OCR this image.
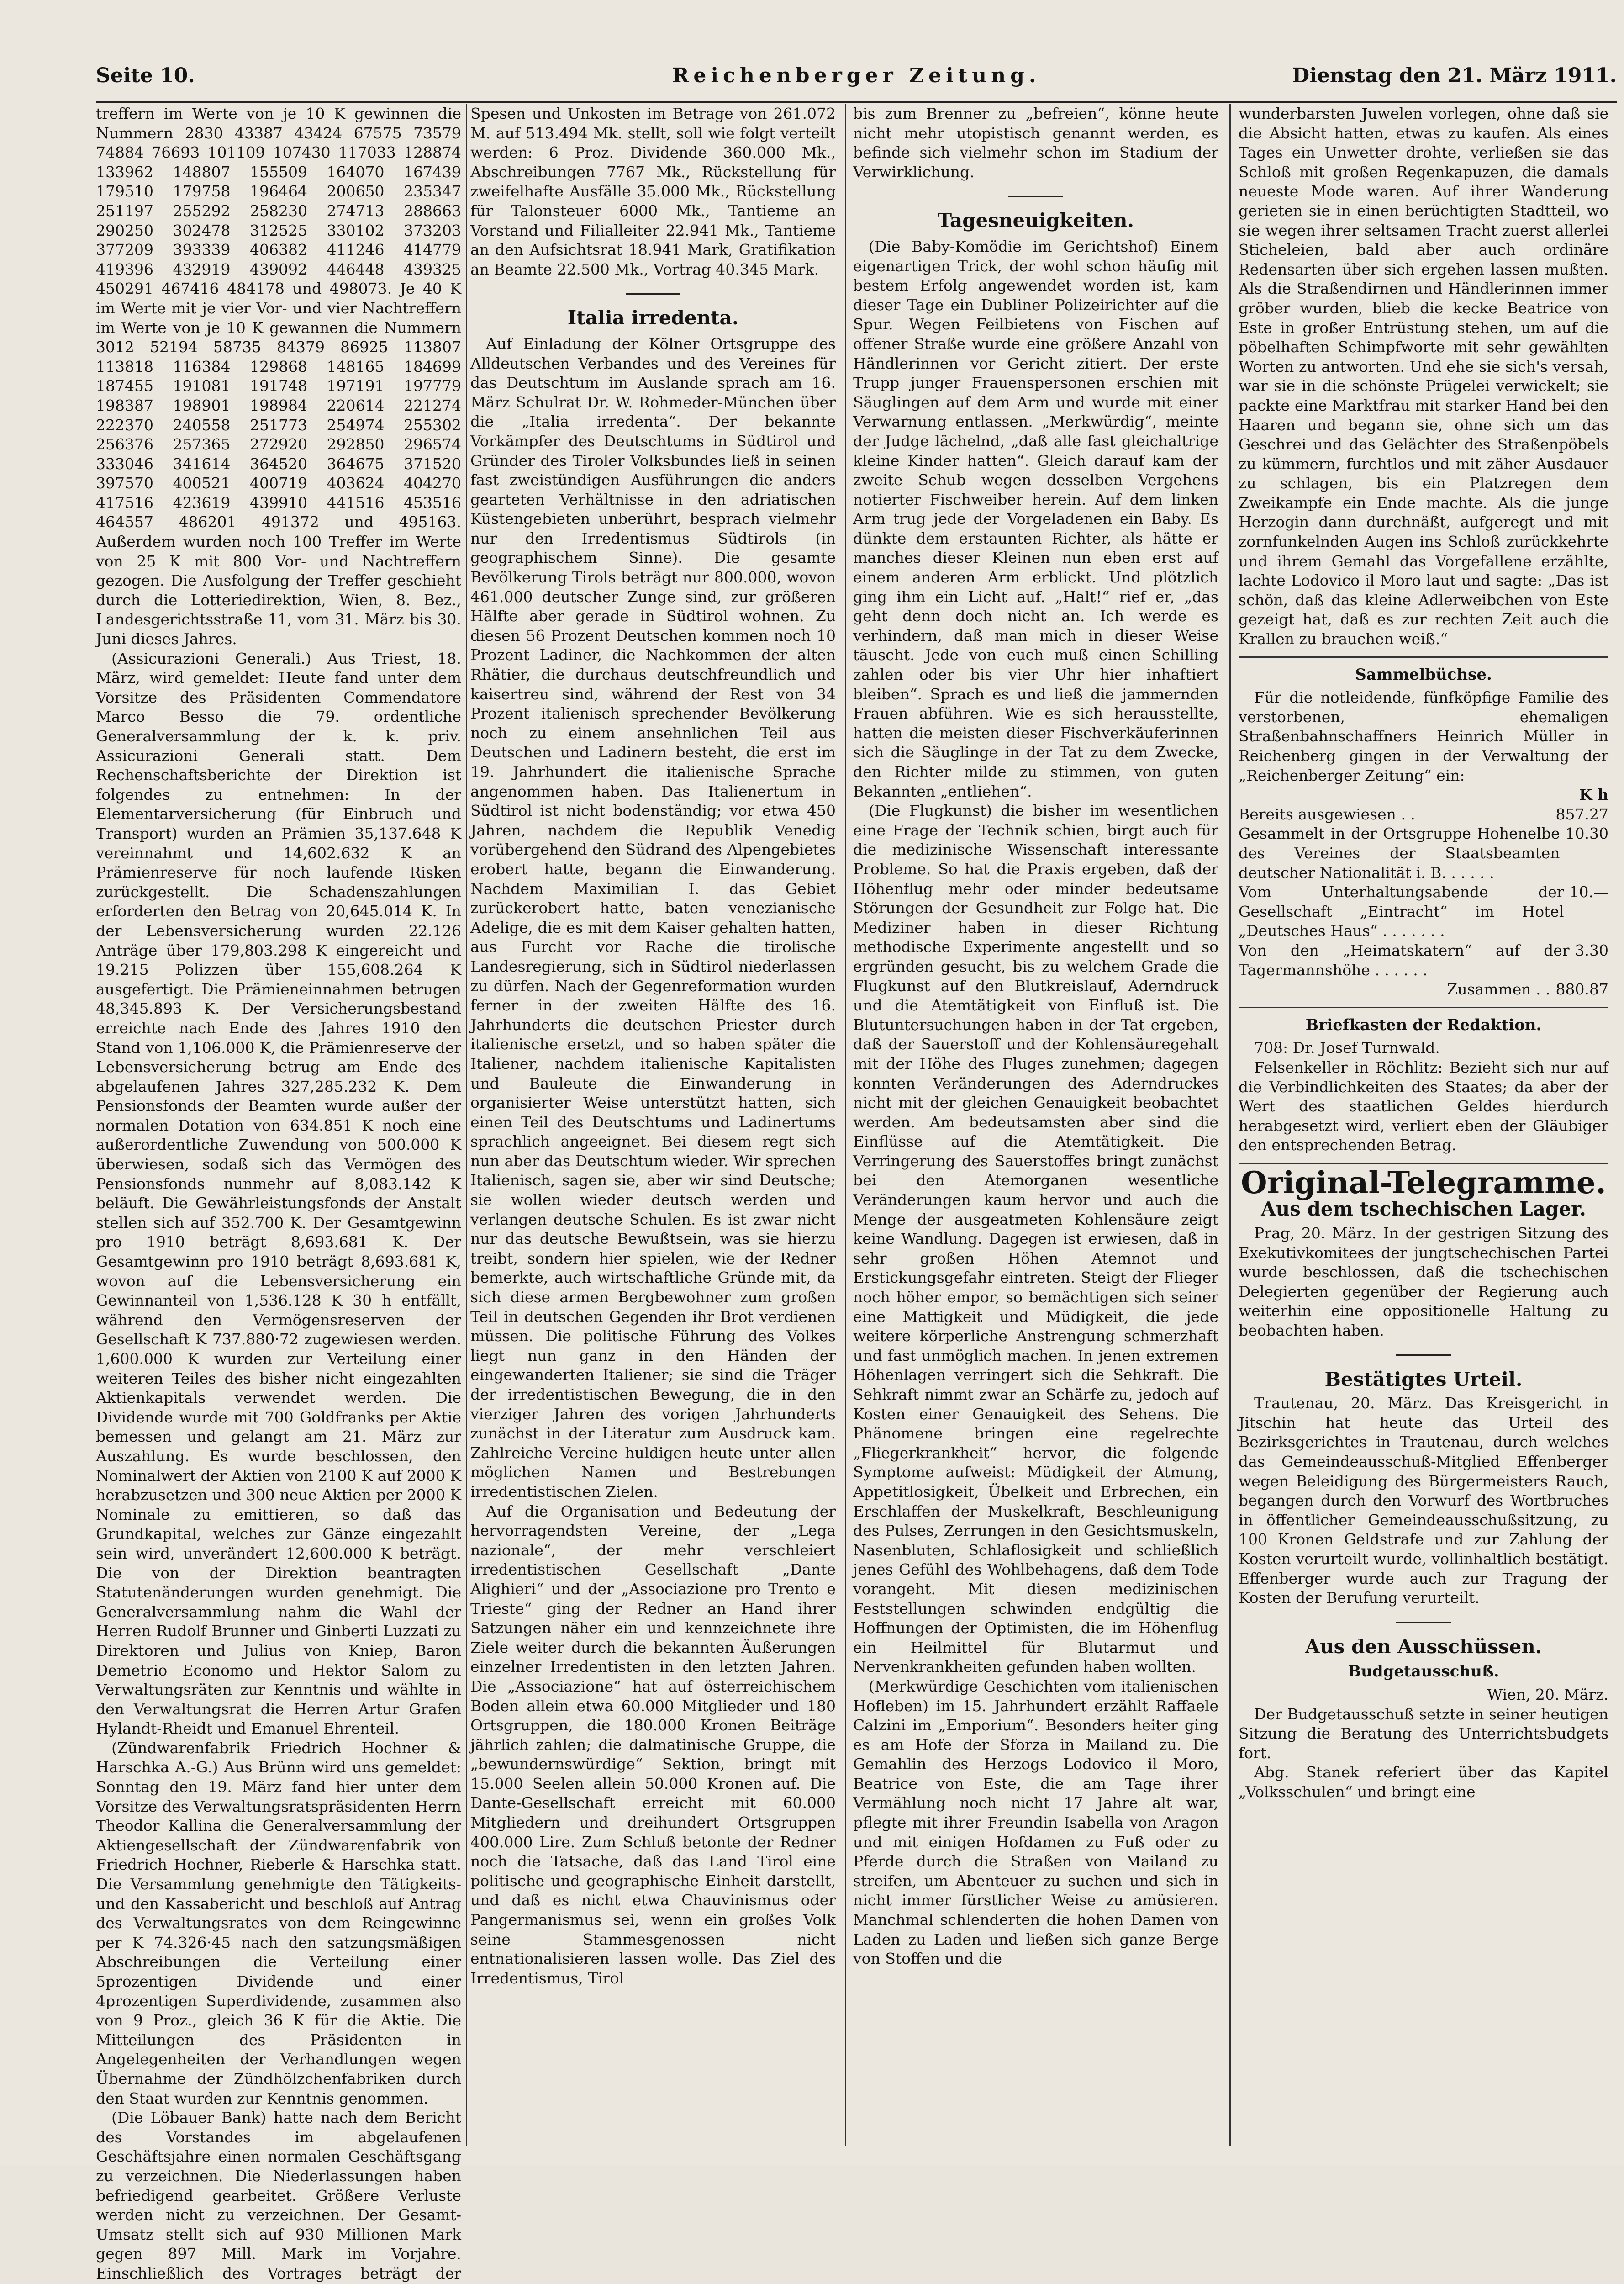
Seite 10.	Reichenberger Zeitung.	Dienstag den 21. März 1911.

treffern im Werte von je 10 K gewinnen die Nummern 2830 43387 43424 67575 73579 74884 76693 101109 107430 117033 128874 133962 148807 155509 164070 167439 179510 179758 196464 200650 235347 251197 255292 258230 274713 288663 290250 302478 312525 330102 373203 377209 393339 406382 411246 414779 419396 432919 439092 446448 439325 450291 467416 484178 und 498073. Je 40 K im Werte mit je vier Vor- und vier Nachtreffern im Werte von je 10 K gewannen die Nummern 3012 52194 58735 84379 86925 113807 113818 116384 129868 148165 184699 187455 191081 191748 197191 197779 198387 198901 198984 220614 221274 222370 240558 251773 254974 255302 256376 257365 272920 292850 296574 333046 341614 364520 364675 371520 397570 400521 400719 403624 404270 417516 423619 439910 441516 453516 464557 486201 491372 und 495163. Außerdem wurden noch 100 Treffer im Werte von 25 K mit 800 Vor- und Nachtreffern gezogen. Die Ausfolgung der Treffer geschieht durch die Lotteriedirektion, Wien, 8. Bez., Landesgerichtsstraße 11, vom 31. März bis 30. Juni dieses Jahres.

(Assicurazioni Generali.) Aus Triest, 18. März, wird gemeldet: Heute fand unter dem Vorsitze des Präsidenten Commendatore Marco Besso die 79. ordentliche Generalversammlung der k. k. priv. Assicurazioni Generali statt. Dem Rechenschaftsberichte der Direktion ist folgendes zu entnehmen: In der Elementarversicherung (für Einbruch und Transport) wurden an Prämien 35,137.648 K vereinnahmt und 14,602.632 K an Prämienreserve für noch laufende Risken zurückgestellt. Die Schadenszahlungen erforderten den Betrag von 20,645.014 K. In der Lebensversicherung wurden 22.126 Anträge über 179,803.298 K eingereicht und 19.215 Polizzen über 155,608.264 K ausgefertigt. Die Prämieneinnahmen betrugen 48,345.893 K. Der Versicherungsbestand erreichte nach Ende des Jahres 1910 den Stand von 1,106.000 K, die Prämienreserve der Lebensversicherung betrug am Ende des abgelaufenen Jahres 327,285.232 K. Dem Pensionsfonds der Beamten wurde außer der normalen Dotation von 634.851 K noch eine außerordentliche Zuwendung von 500.000 K überwiesen, sodaß sich das Vermögen des Pensionsfonds nunmehr auf 8,083.142 K beläuft. Die Gewährleistungsfonds der Anstalt stellen sich auf 352.700 K. Der Gesamtgewinn pro 1910 beträgt 8,693.681 K. Der Gesamtgewinn pro 1910 beträgt 8,693.681 K, wovon auf die Lebensversicherung ein Gewinnanteil von 1,536.128 K 30 h entfällt, während den Vermögensreserven der Gesellschaft K 737.880·72 zugewiesen werden. 1,600.000 K wurden zur Verteilung einer weiteren Teiles des bisher nicht eingezahlten Aktienkapitals verwendet werden. Die Dividende wurde mit 700 Goldfranks per Aktie bemessen und gelangt am 21. März zur Auszahlung. Es wurde beschlossen, den Nominalwert der Aktien von 2100 K auf 2000 K herabzusetzen und 300 neue Aktien per 2000 K Nominale zu emittieren, so daß das Grundkapital, welches zur Gänze eingezahlt sein wird, unverändert 12,600.000 K beträgt. Die von der Direktion beantragten Statutenänderungen wurden genehmigt. Die Generalversammlung nahm die Wahl der Herren Rudolf Brunner und Ginberti Luzzati zu Direktoren und Julius von Kniep, Baron Demetrio Economo und Hektor Salom zu Verwaltungsräten zur Kenntnis und wählte in den Verwaltungsrat die Herren Artur Grafen Hylandt-Rheidt und Emanuel Ehrenteil.

(Zündwarenfabrik Friedrich Hochner & Harschka A.-G.) Aus Brünn wird uns gemeldet: Sonntag den 19. März fand hier unter dem Vorsitze des Verwaltungsratspräsidenten Herrn Theodor Kallina die Generalversammlung der Aktiengesellschaft der Zündwarenfabrik von Friedrich Hochner, Rieberle & Harschka statt. Die Versammlung genehmigte den Tätigkeits- und den Kassabericht und beschloß auf Antrag des Verwaltungsrates von dem Reingewinne per K 74.326·45 nach den satzungsmäßigen Abschreibungen die Verteilung einer 5prozentigen Dividende und einer 4prozentigen Superdividende, zusammen also von 9 Proz., gleich 36 K für die Aktie. Die Mitteilungen des Präsidenten in Angelegenheiten der Verhandlungen wegen Übernahme der Zündhölzchenfabriken durch den Staat wurden zur Kenntnis genommen.

(Die Löbauer Bank) hatte nach dem Bericht des Vorstandes im abgelaufenen Geschäftsjahre einen normalen Geschäftsgang zu verzeichnen. Die Niederlassungen haben befriedigend gearbeitet. Größere Verluste werden nicht zu verzeichnen. Der Gesamt-Umsatz stellt sich auf 930 Millionen Mark gegen 897 Mill. Mark im Vorjahre. Einschließlich des Vortrages beträgt der

Spesen und Unkosten im Betrage von 261.072 M. auf 513.494 Mk. stellt, soll wie folgt verteilt werden: 6 Proz. Dividende 360.000 Mk., Abschreibungen 7767 Mk., Rückstellung für zweifelhafte Ausfälle 35.000 Mk., Rückstellung für Talonsteuer 6000 Mk., Tantieme an Vorstand und Filialleiter 22.941 Mk., Tantieme an den Aufsichtsrat 18.941 Mark, Gratifikation an Beamte 22.500 Mk., Vortrag 40.345 Mark.

Italia irredenta.

Auf Einladung der Kölner Ortsgruppe des Alldeutschen Verbandes und des Vereines für das Deutschtum im Auslande sprach am 16. März Schulrat Dr. W. Rohmeder-München über die „Italia irredenta“. Der bekannte Vorkämpfer des Deutschtums in Südtirol und Gründer des Tiroler Volksbundes ließ in seinen fast zweistündigen Ausführungen die anders gearteten Verhältnisse in den adriatischen Küstengebieten unberührt, besprach vielmehr nur den Irredentismus Südtirols (in geographischem Sinne). Die gesamte Bevölkerung Tirols beträgt nur 800.000, wovon 461.000 deutscher Zunge sind, zur größeren Hälfte aber gerade in Südtirol wohnen. Zu diesen 56 Prozent Deutschen kommen noch 10 Prozent Ladiner, die Nachkommen der alten Rhätier, die durchaus deutschfreundlich und kaisertreu sind, während der Rest von 34 Prozent italienisch sprechender Bevölkerung noch zu einem ansehnlichen Teil aus Deutschen und Ladinern besteht, die erst im 19. Jahrhundert die italienische Sprache angenommen haben. Das Italienertum in Südtirol ist nicht bodenständig; vor etwa 450 Jahren, nachdem die Republik Venedig vorübergehend den Südrand des Alpengebietes erobert hatte, begann die Einwanderung. Nachdem Maximilian I. das Gebiet zurückerobert hatte, baten venezianische Adelige, die es mit dem Kaiser gehalten hatten, aus Furcht vor Rache die tirolische Landesregierung, sich in Südtirol niederlassen zu dürfen. Nach der Gegenreformation wurden ferner in der zweiten Hälfte des 16. Jahrhunderts die deutschen Priester durch italienische ersetzt, und so haben später die Italiener, nachdem italienische Kapitalisten und Bauleute die Einwanderung in organisierter Weise unterstützt hatten, sich einen Teil des Deutschtums und Ladinertums sprachlich angeeignet. Bei diesem regt sich nun aber das Deutschtum wieder. Wir sprechen Italienisch, sagen sie, aber wir sind Deutsche; sie wollen wieder deutsch werden und verlangen deutsche Schulen. Es ist zwar nicht nur das deutsche Bewußtsein, was sie hierzu treibt, sondern hier spielen, wie der Redner bemerkte, auch wirtschaftliche Gründe mit, da sich diese armen Bergbewohner zum großen Teil in deutschen Gegenden ihr Brot verdienen müssen. Die politische Führung des Volkes liegt nun ganz in den Händen der eingewanderten Italiener; sie sind die Träger der irredentistischen Bewegung, die in den vierziger Jahren des vorigen Jahrhunderts zunächst in der Literatur zum Ausdruck kam. Zahlreiche Vereine huldigen heute unter allen möglichen Namen und Bestrebungen irredentistischen Zielen.

Auf die Organisation und Bedeutung der hervorragendsten Vereine, der „Lega nazionale“, der mehr verschleiert irredentistischen Gesellschaft „Dante Alighieri“ und der „Associazione pro Trento e Trieste“ ging der Redner an Hand ihrer Satzungen näher ein und kennzeichnete ihre Ziele weiter durch die bekannten Äußerungen einzelner Irredentisten in den letzten Jahren. Die „Associazione“ hat auf österreichischem Boden allein etwa 60.000 Mitglieder und 180 Ortsgruppen, die 180.000 Kronen Beiträge jährlich zahlen; die dalmatinische Gruppe, die „bewundernswürdige“ Sektion, bringt mit 15.000 Seelen allein 50.000 Kronen auf. Die Dante-Gesellschaft erreicht mit 60.000 Mitgliedern und dreihundert Ortsgruppen 400.000 Lire. Zum Schluß betonte der Redner noch die Tatsache, daß das Land Tirol eine politische und geographische Einheit darstellt, und daß es nicht etwa Chauvinismus oder Pangermanismus sei, wenn ein großes Volk seine Stammesgenossen nicht entnationalisieren lassen wolle. Das Ziel des Irredentismus, Tirol

bis zum Brenner zu „befreien“, könne heute nicht mehr utopistisch genannt werden, es befinde sich vielmehr schon im Stadium der Verwirklichung.

Tagesneuigkeiten.

(Die Baby-Komödie im Gerichtshof) Einem eigenartigen Trick, der wohl schon häufig mit bestem Erfolg angewendet worden ist, kam dieser Tage ein Dubliner Polizeirichter auf die Spur. Wegen Feilbietens von Fischen auf offener Straße wurde eine größere Anzahl von Händlerinnen vor Gericht zitiert. Der erste Trupp junger Frauenspersonen erschien mit Säuglingen auf dem Arm und wurde mit einer Verwarnung entlassen. „Merkwürdig“, meinte der Judge lächelnd, „daß alle fast gleichaltrige kleine Kinder hatten“. Gleich darauf kam der zweite Schub wegen desselben Vergehens notierter Fischweiber herein. Auf dem linken Arm trug jede der Vorgeladenen ein Baby. Es dünkte dem erstaunten Richter, als hätte er manches dieser Kleinen nun eben erst auf einem anderen Arm erblickt. Und plötzlich ging ihm ein Licht auf. „Halt!“ rief er, „das geht denn doch nicht an. Ich werde es verhindern, daß man mich in dieser Weise täuscht. Jede von euch muß einen Schilling zahlen oder bis vier Uhr hier inhaftiert bleiben“. Sprach es und ließ die jammernden Frauen abführen. Wie es sich herausstellte, hatten die meisten dieser Fischverkäuferinnen sich die Säuglinge in der Tat zu dem Zwecke, den Richter milde zu stimmen, von guten Bekannten „entliehen“.

(Die Flugkunst) die bisher im wesentlichen eine Frage der Technik schien, birgt auch für die medizinische Wissenschaft interessante Probleme. So hat die Praxis ergeben, daß der Höhenflug mehr oder minder bedeutsame Störungen der Gesundheit zur Folge hat. Die Mediziner haben in dieser Richtung methodische Experimente angestellt und so ergründen gesucht, bis zu welchem Grade die Flugkunst auf den Blutkreislauf, Aderndruck und die Atemtätigkeit von Einfluß ist. Die Blutuntersuchungen haben in der Tat ergeben, daß der Sauerstoff und der Kohlensäuregehalt mit der Höhe des Fluges zunehmen; dagegen konnten Veränderungen des Aderndruckes nicht mit der gleichen Genauigkeit beobachtet werden. Am bedeutsamsten aber sind die Einflüsse auf die Atemtätigkeit. Die Verringerung des Sauerstoffes bringt zunächst bei den Atemorganen wesentliche Veränderungen kaum hervor und auch die Menge der ausgeatmeten Kohlensäure zeigt keine Wandlung. Dagegen ist erwiesen, daß in sehr großen Höhen Atemnot und Erstickungsgefahr eintreten. Steigt der Flieger noch höher empor, so bemächtigen sich seiner eine Mattigkeit und Müdigkeit, die jede weitere körperliche Anstrengung schmerzhaft und fast unmöglich machen. In jenen extremen Höhenlagen verringert sich die Sehkraft. Die Sehkraft nimmt zwar an Schärfe zu, jedoch auf Kosten einer Genauigkeit des Sehens. Die Phänomene bringen eine regelrechte „Fliegerkrankheit“ hervor, die folgende Symptome aufweist: Müdigkeit der Atmung, Appetitlosigkeit, Übelkeit und Erbrechen, ein Erschlaffen der Muskelkraft, Beschleunigung des Pulses, Zerrungen in den Gesichtsmuskeln, Nasenbluten, Schlaflosigkeit und schließlich jenes Gefühl des Wohlbehagens, daß dem Tode vorangeht. Mit diesen medizinischen Feststellungen schwinden endgültig die Hoffnungen der Optimisten, die im Höhenflug ein Heilmittel für Blutarmut und Nervenkrankheiten gefunden haben wollten.

(Merkwürdige Geschichten vom italienischen Hofleben) im 15. Jahrhundert erzählt Raffaele Calzini im „Emporium“. Besonders heiter ging es am Hofe der Sforza in Mailand zu. Die Gemahlin des Herzogs Lodovico il Moro, Beatrice von Este, die am Tage ihrer Vermählung noch nicht 17 Jahre alt war, pflegte mit ihrer Freundin Isabella von Aragon und mit einigen Hofdamen zu Fuß oder zu Pferde durch die Straßen von Mailand zu streifen, um Abenteuer zu suchen und sich in nicht immer fürstlicher Weise zu amüsieren. Manchmal schlenderten die hohen Damen von Laden zu Laden und ließen sich ganze Berge von Stoffen und die

wunderbarsten Juwelen vorlegen, ohne daß sie die Absicht hatten, etwas zu kaufen. Als eines Tages ein Unwetter drohte, verließen sie das Schloß mit großen Regenkapuzen, die damals neueste Mode waren. Auf ihrer Wanderung gerieten sie in einen berüchtigten Stadtteil, wo sie wegen ihrer seltsamen Tracht zuerst allerlei Sticheleien, bald aber auch ordinäre Redensarten über sich ergehen lassen mußten. Als die Straßendirnen und Händlerinnen immer gröber wurden, blieb die kecke Beatrice von Este in großer Entrüstung stehen, um auf die pöbelhaften Schimpfworte mit sehr gewählten Worten zu antworten. Und ehe sie sich's versah, war sie in die schönste Prügelei verwickelt; sie packte eine Marktfrau mit starker Hand bei den Haaren und begann sie, ohne sich um das Geschrei und das Gelächter des Straßenpöbels zu kümmern, furchtlos und mit zäher Ausdauer zu schlagen, bis ein Platzregen dem Zweikampfe ein Ende machte. Als die junge Herzogin dann durchnäßt, aufgeregt und mit zornfunkelnden Augen ins Schloß zurückkehrte und ihrem Gemahl das Vorgefallene erzählte, lachte Lodovico il Moro laut und sagte: „Das ist schön, daß das kleine Adlerweibchen von Este gezeigt hat, daß es zur rechten Zeit auch die Krallen zu brauchen weiß.“

Sammelbüchse.

Für die notleidende, fünfköpfige Familie des verstorbenen, ehemaligen Straßenbahnschaffners Heinrich Müller in Reichenberg gingen in der Verwaltung der „Reichenberger Zeitung“ ein:

K h
Bereits ausgewiesen . .	857.27
Gesammelt in der Ortsgruppe Hohenelbe des Vereines der Staatsbeamten deutscher Nationalität i. B. . . . . .
10.30
Vom Unterhaltungsabende der Gesellschaft „Eintracht“ im Hotel „Deutsches Haus“ . . . . . . .
10.—
Von den „Heimatskatern“ auf der Tagermannshöhe . . . . . .
3.30
Zusammen . . 880.87
Briefkasten der Redaktion.

708: Dr. Josef Turnwald.

Felsenkeller in Röchlitz: Bezieht sich nur auf die Verbindlichkeiten des Staates; da aber der Wert des staatlichen Geldes hierdurch herabgesetzt wird, verliert eben der Gläubiger den entsprechenden Betrag.

Original-Telegramme.
Aus dem tschechischen Lager.

Prag, 20. März. In der gestrigen Sitzung des Exekutivkomitees der jungtschechischen Partei wurde beschlossen, daß die tschechischen Delegierten gegenüber der Regierung auch weiterhin eine oppositionelle Haltung zu beobachten haben.

Bestätigtes Urteil.

Trautenau, 20. März. Das Kreisgericht in Jitschin hat heute das Urteil des Bezirksgerichtes in Trautenau, durch welches das Gemeindeausschuß-Mitglied Effenberger wegen Beleidigung des Bürgermeisters Rauch, begangen durch den Vorwurf des Wortbruches in öffentlicher Gemeindeausschußsitzung, zu 100 Kronen Geldstrafe und zur Zahlung der Kosten verurteilt wurde, vollinhaltlich bestätigt. Effenberger wurde auch zur Tragung der Kosten der Berufung verurteilt.

Aus den Ausschüssen.
Budgetausschuß.
Wien, 20. März.

Der Budgetausschuß setzte in seiner heutigen Sitzung die Beratung des Unterrichtsbudgets fort.

Abg. Stanek referiert über das Kapitel „Volksschulen“ und bringt eine
